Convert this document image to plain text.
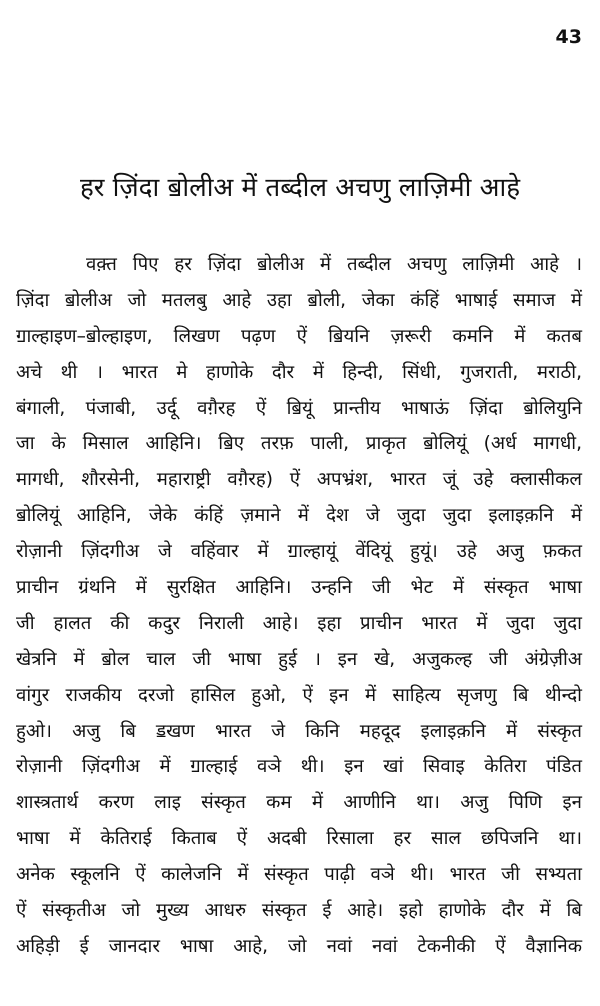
43
हर ज़िंदा ॿोलीअ में तब्दील अचणु लाज़िमी आहे
वक़्त पिए हर ज़िंदा ॿोलीअ में तब्दील अचणु लाज़िमी आहे ।
ज़िंदा ॿोलीअ जो मतलबु आहे उहा ॿोली, जेका कंहिं भाषाई समाज में
ॻाल्हाइण–ॿोल्हाइण, लिखण पढ़ण ऐं ॿियनि ज़रूरी कमनि में कतब
अचे थी । भारत मे हाणोके दौर में हिन्दी, सिंधी, गुजराती, मराठी,
बंगाली, पंजाबी, उर्दू वग़ैरह ऐं ॿियूं प्रान्तीय भाषाऊं ज़िंदा ॿोलियुनि
जा के मिसाल आहिनि। ॿिए तरफ़ पाली, प्राकृत ॿोलियूं (अर्ध मागधी,
मागधी, शौरसेनी, महाराष्ट्री वग़ैरह) ऐं अपभ्रंश, भारत जूं उहे क्लासीकल
ॿोलियूं आहिनि, जेके कंहिं ज़माने में देश जे जुदा जुदा इलाइक़नि में
रोज़ानी ज़िंदगीअ जे वहिंवार में ॻाल्हायूं वेंदियूं हुयूं। उहे अजु फ़कत
प्राचीन ग्रंथनि में सुरक्षित आहिनि। उन्हनि जी भेट में संस्कृत भाषा
जी हालत की कदुर निराली आहे। इहा प्राचीन भारत में जुदा जुदा
खेत्रनि में ॿोल चाल जी भाषा हुई । इन खे, अजुकल्ह जी अंग्रेज़ीअ
वांगुर राजकीय दरजो हासिल हुओ, ऐं इन में साहित्य सृजणु बि थीन्दो
हुओ। अजु बि ॾखण भारत जे किनि महदूद इलाइक़नि में संस्कृत
रोज़ानी ज़िंदगीअ में ॻाल्हाई वञे थी। इन खां सिवाइ केतिरा पंडित
शास्त्रतार्थ करण लाइ संस्कृत कम में आणीनि था। अजु पिणि इन
भाषा में केतिराई किताब ऐं अदबी रिसाला हर साल छपिजनि था।
अनेक स्कूलनि ऐं कालेजनि में संस्कृत पाढ़ी वञे थी। भारत जी सभ्यता
ऐं संस्कृतीअ जो मुख्य आधरु संस्कृत ई आहे। इहो हाणोके दौर में बि
अहिड़ी ई जानदार भाषा आहे, जो नवां नवां टेकनीकी ऐं वैज्ञानिक
